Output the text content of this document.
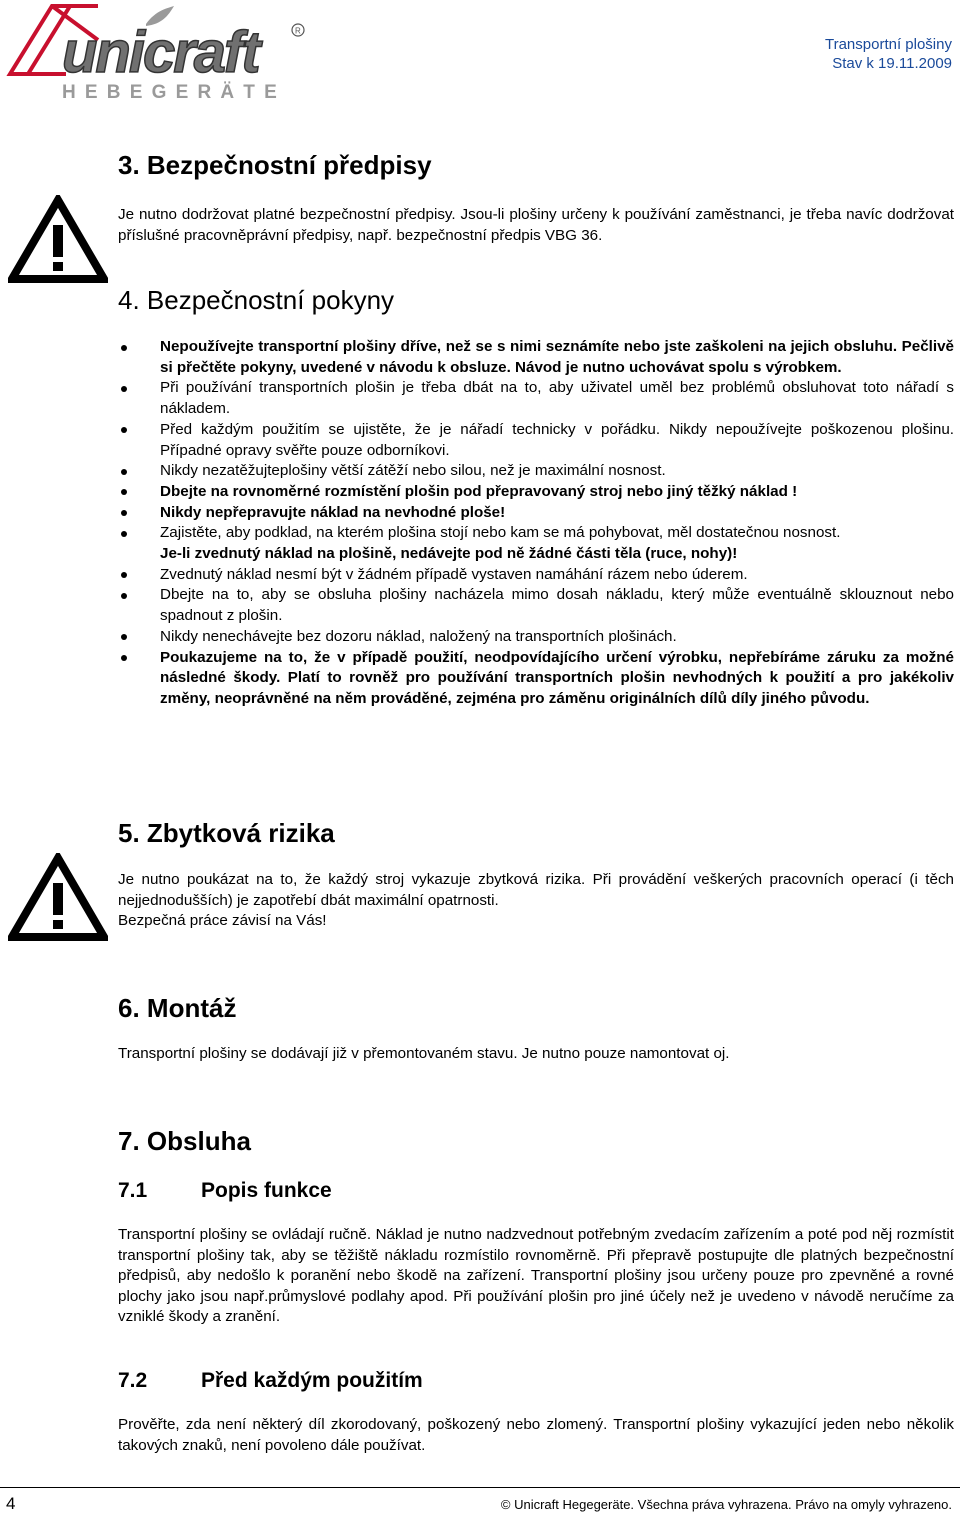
unicraft	R
HEBEGERÄTE
Transportní plošiny
Stav k 19.11.2009
3. Bezpečnostní předpisy

Je nutno dodržovat platné bezpečnostní předpisy. Jsou-li plošiny určeny k používání zaměstnanci, je třeba navíc dodržovat příslušné pracovněprávní předpisy, např. bezpečnostní předpis VBG 36.

4. Bezpečnostní pokyny
Nepoužívejte transportní plošiny dříve, než se s nimi seznámíte nebo jste zaškoleni na jejich obsluhu. Pečlivě si přečtěte pokyny, uvedené v návodu k obsluze. Návod je nutno uchovávat spolu s výrobkem.
Při používání transportních plošin je třeba dbát na to, aby uživatel uměl bez problémů obsluhovat toto nářadí s nákladem.
Před každým použitím se ujistěte, že je nářadí technicky v pořádku. Nikdy nepoužívejte poškozenou plošinu. Případné opravy svěřte pouze odborníkovi.
Nikdy nezatěžujteplošiny větší zátěží nebo silou, než je maximální nosnost.
Dbejte na rovnoměrné rozmístění plošin pod přepravovaný stroj nebo jiný těžký náklad !
Nikdy nepřepravujte náklad na nevhodné ploše!
Zajistěte, aby podklad, na kterém plošina stojí nebo kam se má pohybovat, měl dostatečnou nosnost.
Je-li zvednutý náklad na plošině, nedávejte pod ně žádné části těla (ruce, nohy)!
Zvednutý náklad nesmí být v žádném případě vystaven namáhání rázem nebo úderem.
Dbejte na to, aby se obsluha plošiny nacházela mimo dosah nákladu, který může eventuálně sklouznout nebo spadnout z plošin.
Nikdy nenechávejte bez dozoru náklad, naložený na transportních plošinách.
Poukazujeme na to, že v případě použití, neodpovídajícího určení výrobku, nepřebíráme záruku za možné následné škody. Platí to rovněž pro používání transportních plošin nevhodných k použití a pro jakékoliv změny, neoprávněné na něm prováděné, zejména pro záměnu originálních dílů díly jiného původu.
5. Zbytková rizika

Je nutno poukázat na to, že každý stroj vykazuje zbytková rizika. Při provádění veškerých pracovních operací (i těch nejjednodušších) je zapotřebí dbát maximální opatrnosti.
Bezpečná práce závisí na Vás!

6. Montáž

Transportní plošiny se dodávají již v přemontovaném stavu. Je nutno pouze namontovat oj.

7. Obsluha
7.1	Popis funkce

Transportní plošiny se ovládají ručně. Náklad je nutno nadzvednout potřebným zvedacím zařízením a poté pod něj rozmístit transportní plošiny tak, aby se těžiště nákladu rozmístilo rovnoměrně. Při přepravě postupujte dle platných bezpečnostní předpisů, aby nedošlo k poranění nebo škodě na zařízení. Transportní plošiny jsou určeny pouze pro zpevněné a rovné plochy jako jsou např.průmyslové podlahy apod. Při používání plošin pro jiné účely než je uvedeno v návodě neručíme za vzniklé škody a zranění.

7.2	Před každým použitím

Prověřte, zda není některý díl zkorodovaný, poškozený nebo zlomený. Transportní plošiny vykazující jeden nebo několik takových znaků, není povoleno dále používat.

4	© Unicraft Hegegeräte. Všechna práva vyhrazena. Právo na omyly vyhrazeno.
